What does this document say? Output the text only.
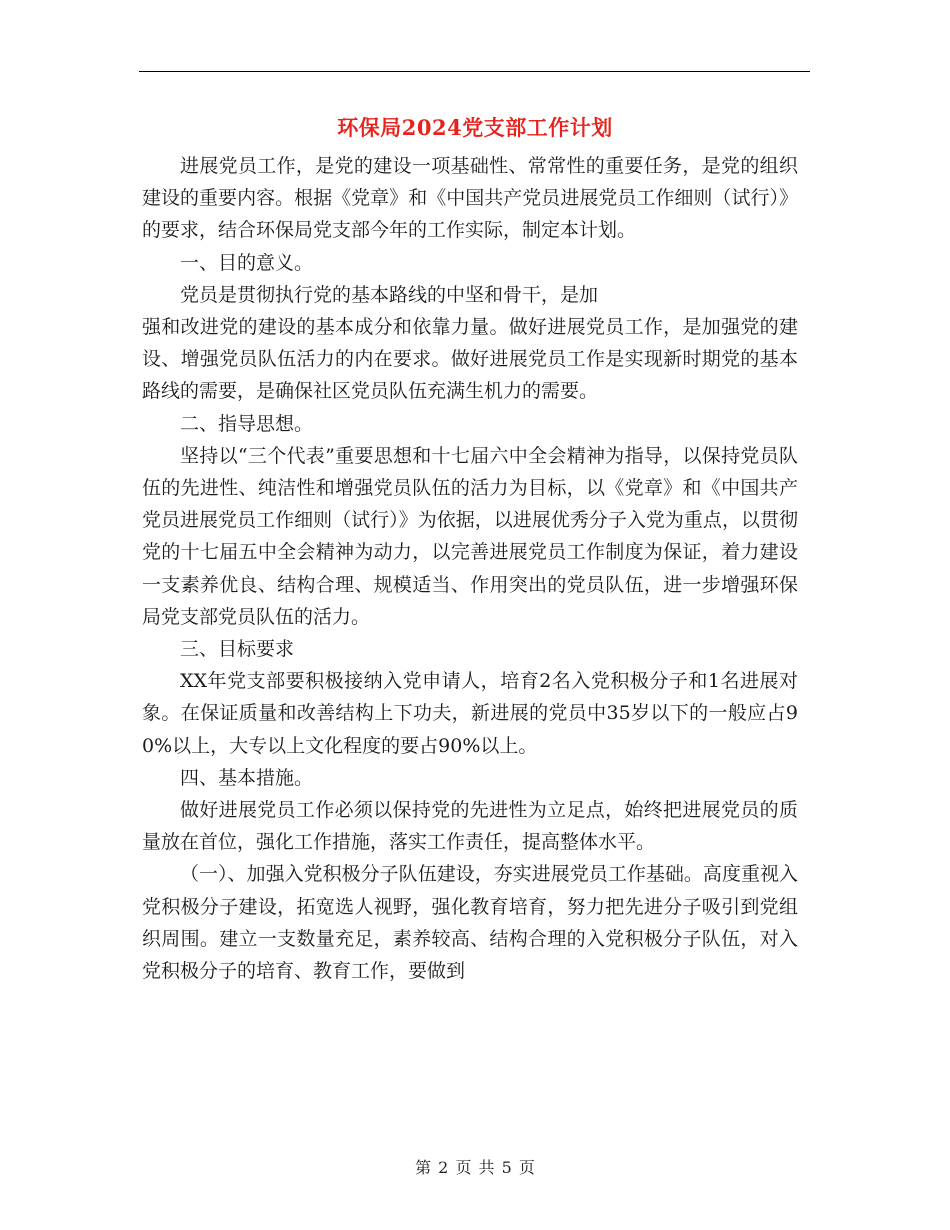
环保局2024党支部工作计划

进展党员工作，是党的建设一项基础性、常常性的重要任务，是党的组织建设的重要内容。根据《党章》和《中国共产党员进展党员工作细则（试行）》的要求，结合环保局党支部今年的工作实际，制定本计划。

一、目的意义。

党员是贯彻执行党的基本路线的中坚和骨干，是加

强和改进党的建设的基本成分和依靠力量。做好进展党员工作，是加强党的建设、增强党员队伍活力的内在要求。做好进展党员工作是实现新时期党的基本路线的需要，是确保社区党员队伍充满生机力的需要。

二、指导思想。

坚持以“三个代表”重要思想和十七届六中全会精神为指导，以保持党员队伍的先进性、纯洁性和增强党员队伍的活力为目标，以《党章》和《中国共产党员进展党员工作细则（试行）》为依据，以进展优秀分子入党为重点，以贯彻党的十七届五中全会精神为动力，以完善进展党员工作制度为保证，着力建设一支素养优良、结构合理、规模适当、作用突出的党员队伍，进一步增强环保局党支部党员队伍的活力。

三、目标要求

XX年党支部要积极接纳入党申请人，培育2名入党积极分子和1名进展对象。在保证质量和改善结构上下功夫，新进展的党员中35岁以下的一般应占90%以上，大专以上文化程度的要占90%以上。

四、基本措施。

做好进展党员工作必须以保持党的先进性为立足点，始终把进展党员的质量放在首位，强化工作措施，落实工作责任，提高整体水平。

（一）、加强入党积极分子队伍建设，夯实进展党员工作基础。高度重视入党积极分子建设，拓宽选人视野，强化教育培育，努力把先进分子吸引到党组织周围。建立一支数量充足，素养较高、结构合理的入党积极分子队伍，对入党积极分子的培育、教育工作，要做到

第 2 页 共 5 页
